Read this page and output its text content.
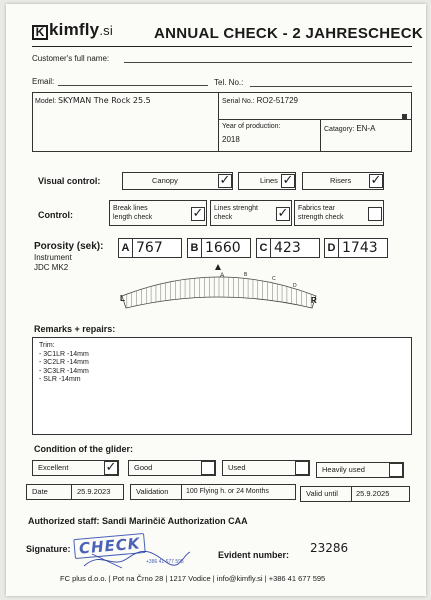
K kimfly.si	ANNUAL CHECK - 2 JAHRESCHECK
Customer's full name:
Email:	Tel. No.:
Model: SKYMAN The Rock 25.5	Serial No.: RO2-51729
Year of production:
2018
Catagory: EN-A
Visual control:	Canopy	✓	Lines ✓	Risers ✓
Control:
Break lines
length check	✓ Lines strenght
check	✓ Fabrics tear
strength check
Porosity (sek):
Instrument
JDC MK2
A 767	B 1660 C 423 D 1743
A	B
C
D
L	R
Remarks + repairs:
Trim:
- 3C1LR -14mm
- 3C2LR -14mm
- 3C3LR -14mm
- SLR -14mm
Condition of the glider:
Excellent	✓	Good	Used	Heavily used
Date	25.9.2023	Validation	100 Flying h. or 24 Months	Valid until	25.9.2025
Authorized staff: Sandi Marinčič Authorization CAA
Signature: CHECK
+386 41 677 595
Evident number: 23286
FC plus d.o.o. | Pot na Črno 28 | 1217 Vodice | info@kimfly.si | +386 41 677 595
